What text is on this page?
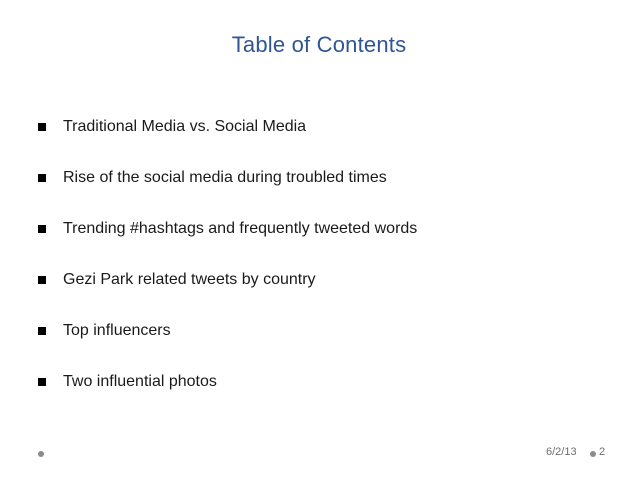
Table of Contents
Traditional Media vs. Social Media
Rise of the social media during troubled times
Trending #hashtags and frequently tweeted words
Gezi Park related tweets by country
Top influencers
Two influential photos
6/2/13 2
